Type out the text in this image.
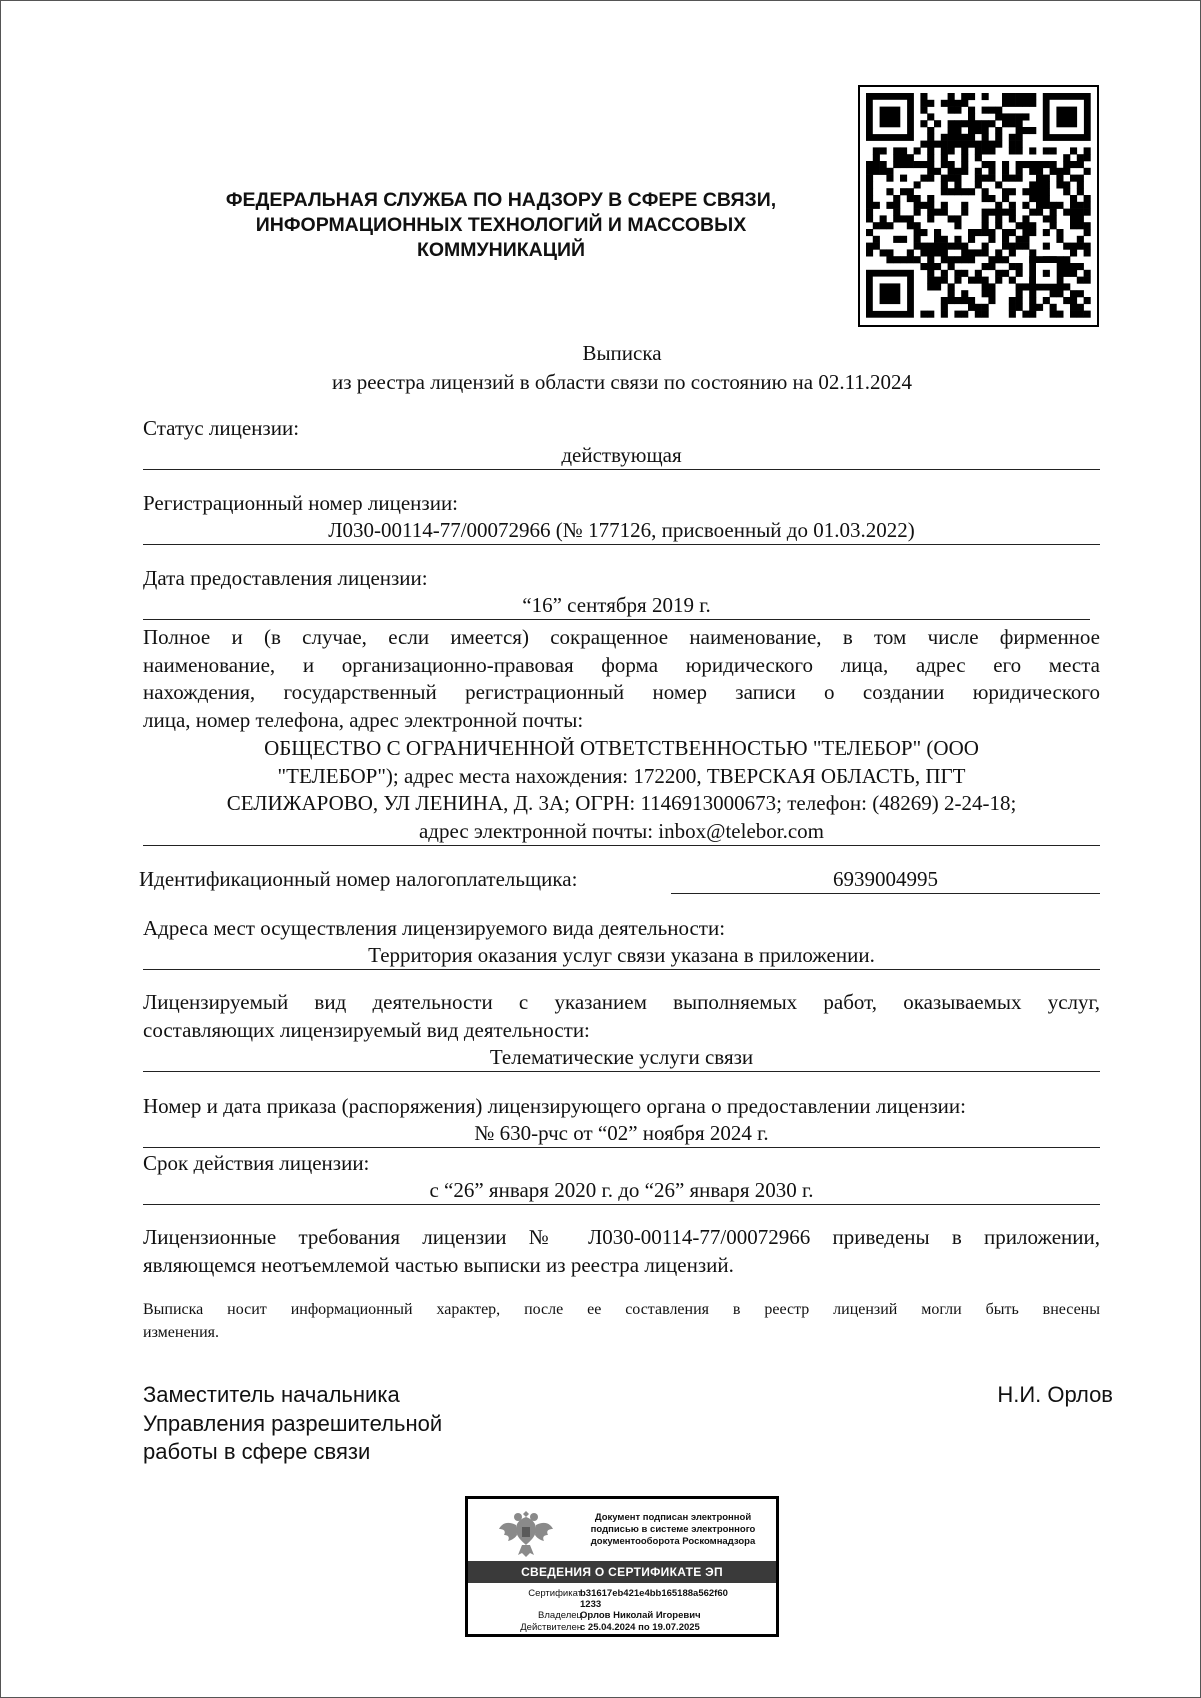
ФЕДЕРАЛЬНАЯ СЛУЖБА ПО НАДЗОРУ В СФЕРЕ СВЯЗИ,
ИНФОРМАЦИОННЫХ ТЕХНОЛОГИЙ И МАССОВЫХ
КОММУНИКАЦИЙ
Выписка
из реестра лицензий в области связи по состоянию на 02.11.2024
Статус лицензии:
действующая
Регистрационный номер лицензии:
Л030-00114-77/00072966 (№ 177126, присвоенный до 01.03.2022)
Дата предоставления лицензии:
“16” сентября 2019 г.
Полное и (в случае, если имеется) сокращенное наименование, в том числе фирменное
наименование, и организационно-правовая форма юридического лица, адрес его места
нахождения, государственный регистрационный номер записи о создании юридического
лица, номер телефона, адрес электронной почты:
ОБЩЕСТВО С ОГРАНИЧЕННОЙ ОТВЕТСТВЕННОСТЬЮ "ТЕЛЕБОР" (ООО
"ТЕЛЕБОР"); адрес места нахождения: 172200, ТВЕРСКАЯ ОБЛАСТЬ, ПГТ
СЕЛИЖАРОВО, УЛ ЛЕНИНА, Д. 3А; ОГРН: 1146913000673; телефон: (48269) 2-24-18;
адрес электронной почты: inbox@telebor.com
Идентификационный номер налогоплательщика:	6939004995
Адреса мест осуществления лицензируемого вида деятельности:
Территория оказания услуг связи указана в приложении.
Лицензируемый вид деятельности с указанием выполняемых работ, оказываемых услуг,
составляющих лицензируемый вид деятельности:
Телематические услуги связи
Номер и дата приказа (распоряжения) лицензирующего органа о предоставлении лицензии:
№ 630-рчс от “02” ноября 2024 г.
Срок действия лицензии:
с “26” января 2020 г. до “26” января 2030 г.
Лицензионные требования лицензии № Л030-00114-77/00072966 приведены в приложении,
являющемся неотъемлемой частью выписки из реестра лицензий.
Выписка носит информационный характер, после ее составления в реестр лицензий могли быть внесены
изменения.
Заместитель начальника
Управления разрешительной
работы в сфере связи
Н.И. Орлов
Документ подписан электронной
подписью в системе электронного
документооборота Роскомнадзора
СВЕДЕНИЯ О СЕРТИФИКАТЕ ЭП
Сертификат
b31617eb421e4bb165188a562f60
1233
Владелец
Орлов Николай Игоревич
Действителен
с 25.04.2024 по 19.07.2025
